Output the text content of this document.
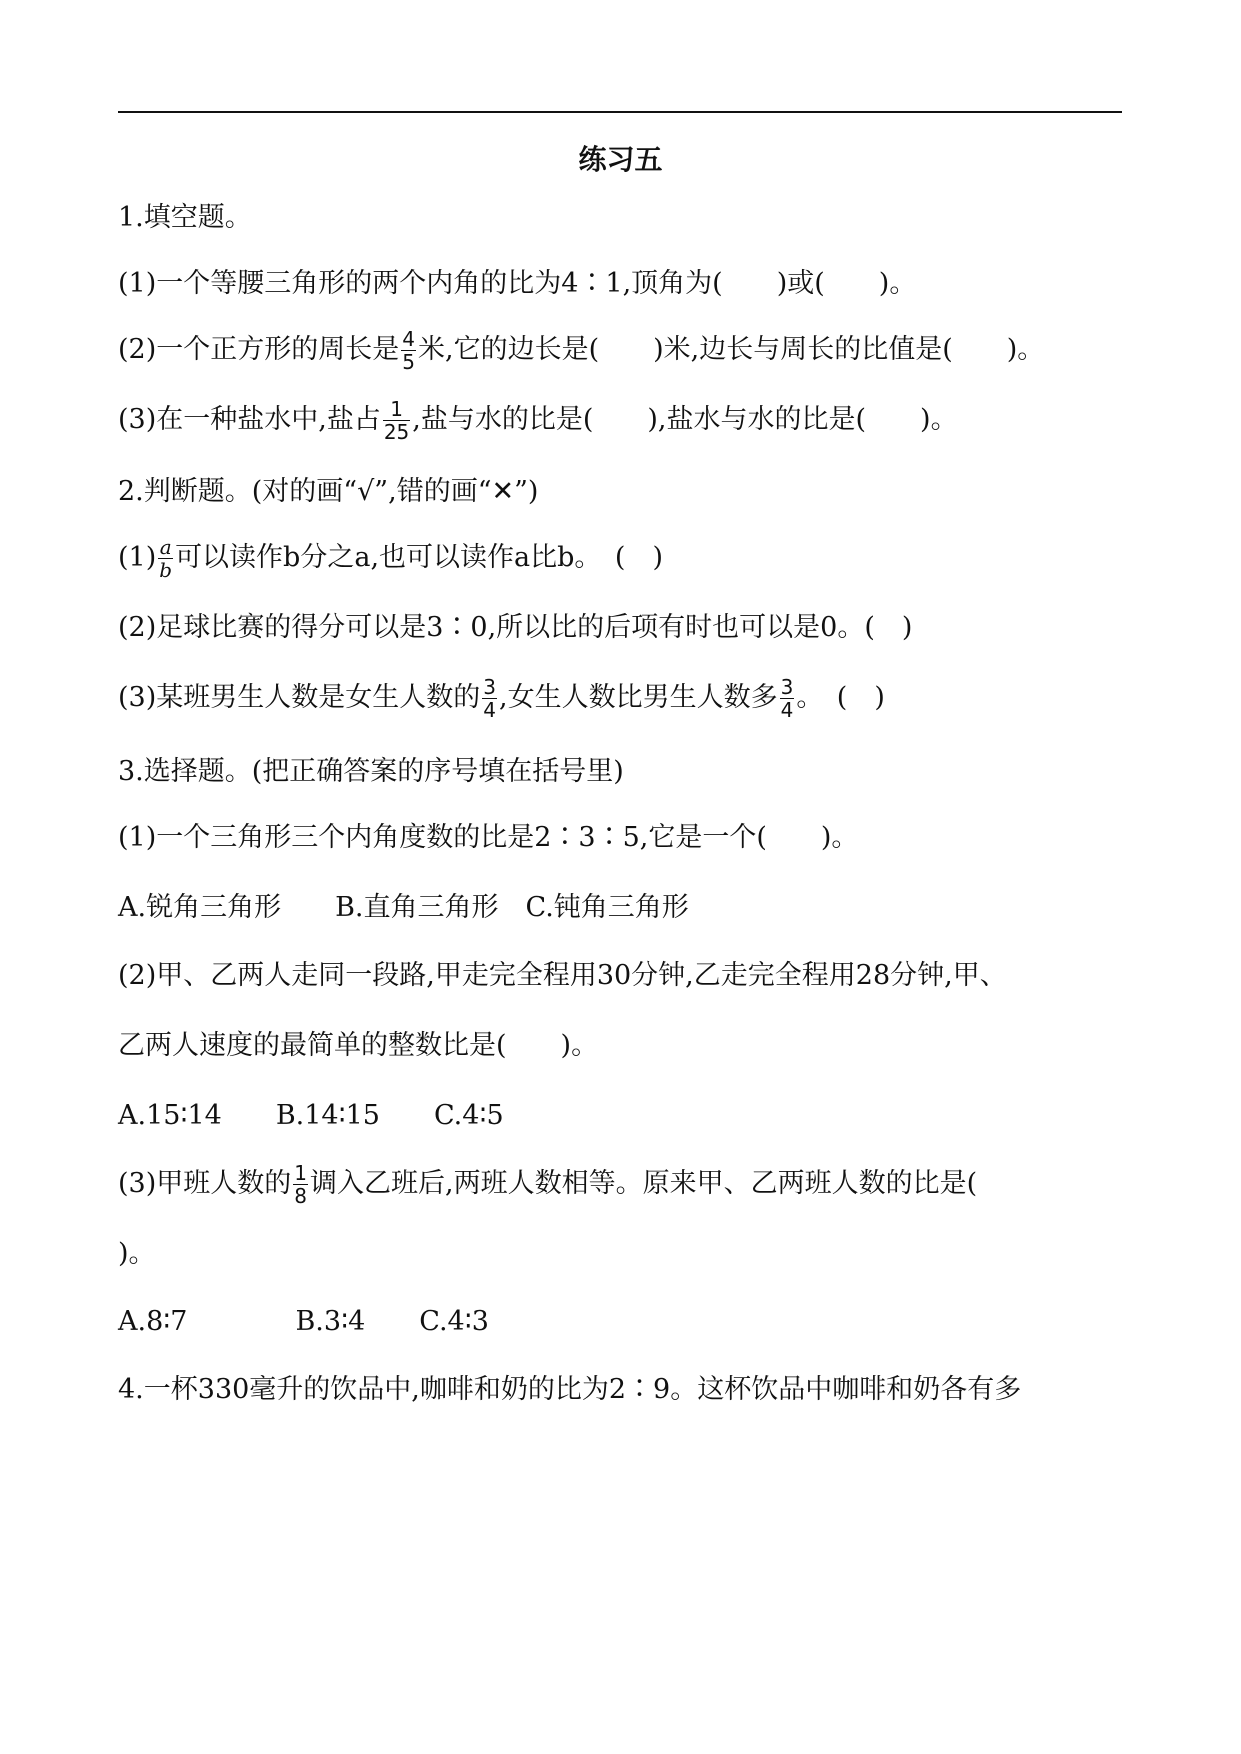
练习五
1.填空题。
(1)一个等腰三角形的两个内角的比为4∶1,顶角为(　　)或(　　)。
(2)一个正方形的周长是 $\frac{4}{5}$ 米,它的边长是(　　)米,边长与周长的比值是(　　)。
(3)在一种盐水中,盐占 $\frac{1}{25}$ ,盐与水的比是(　　),盐水与水的比是(　　)。
2.判断题。(对的画“√”,错的画“✕”)
$(1) \frac{a}{b}$ 可以读作b分之a,也可以读作a比b。　(　)
(2)足球比赛的得分可以是3∶0,所以比的后项有时也可以是0。(　)
(3)某班男生人数是女生人数的 $\frac{3}{4}$ ,女生人数比男生人数多 $\frac{3}{4}$ 。　(　)
3.选择题。(把正确答案的序号填在括号里)
(1)一个三角形三个内角度数的比是2∶3∶5,它是一个(　　)。
A.锐角三角形　　B.直角三角形　C.钝角三角形
(2)甲、乙两人走同一段路,甲走完全程用30分钟,乙走完全程用28分钟,甲、
乙两人速度的最简单的整数比是(　　)。
A.15∶14　　B.14∶15　　C.4∶5
(3)甲班人数的 $\frac{1}{8}$ 调入乙班后,两班人数相等。原来甲、乙两班人数的比是(
)。
A.8∶7　　　　B.3∶4　　C.4∶3
4.一杯330毫升的饮品中,咖啡和奶的比为2∶9。这杯饮品中咖啡和奶各有多
